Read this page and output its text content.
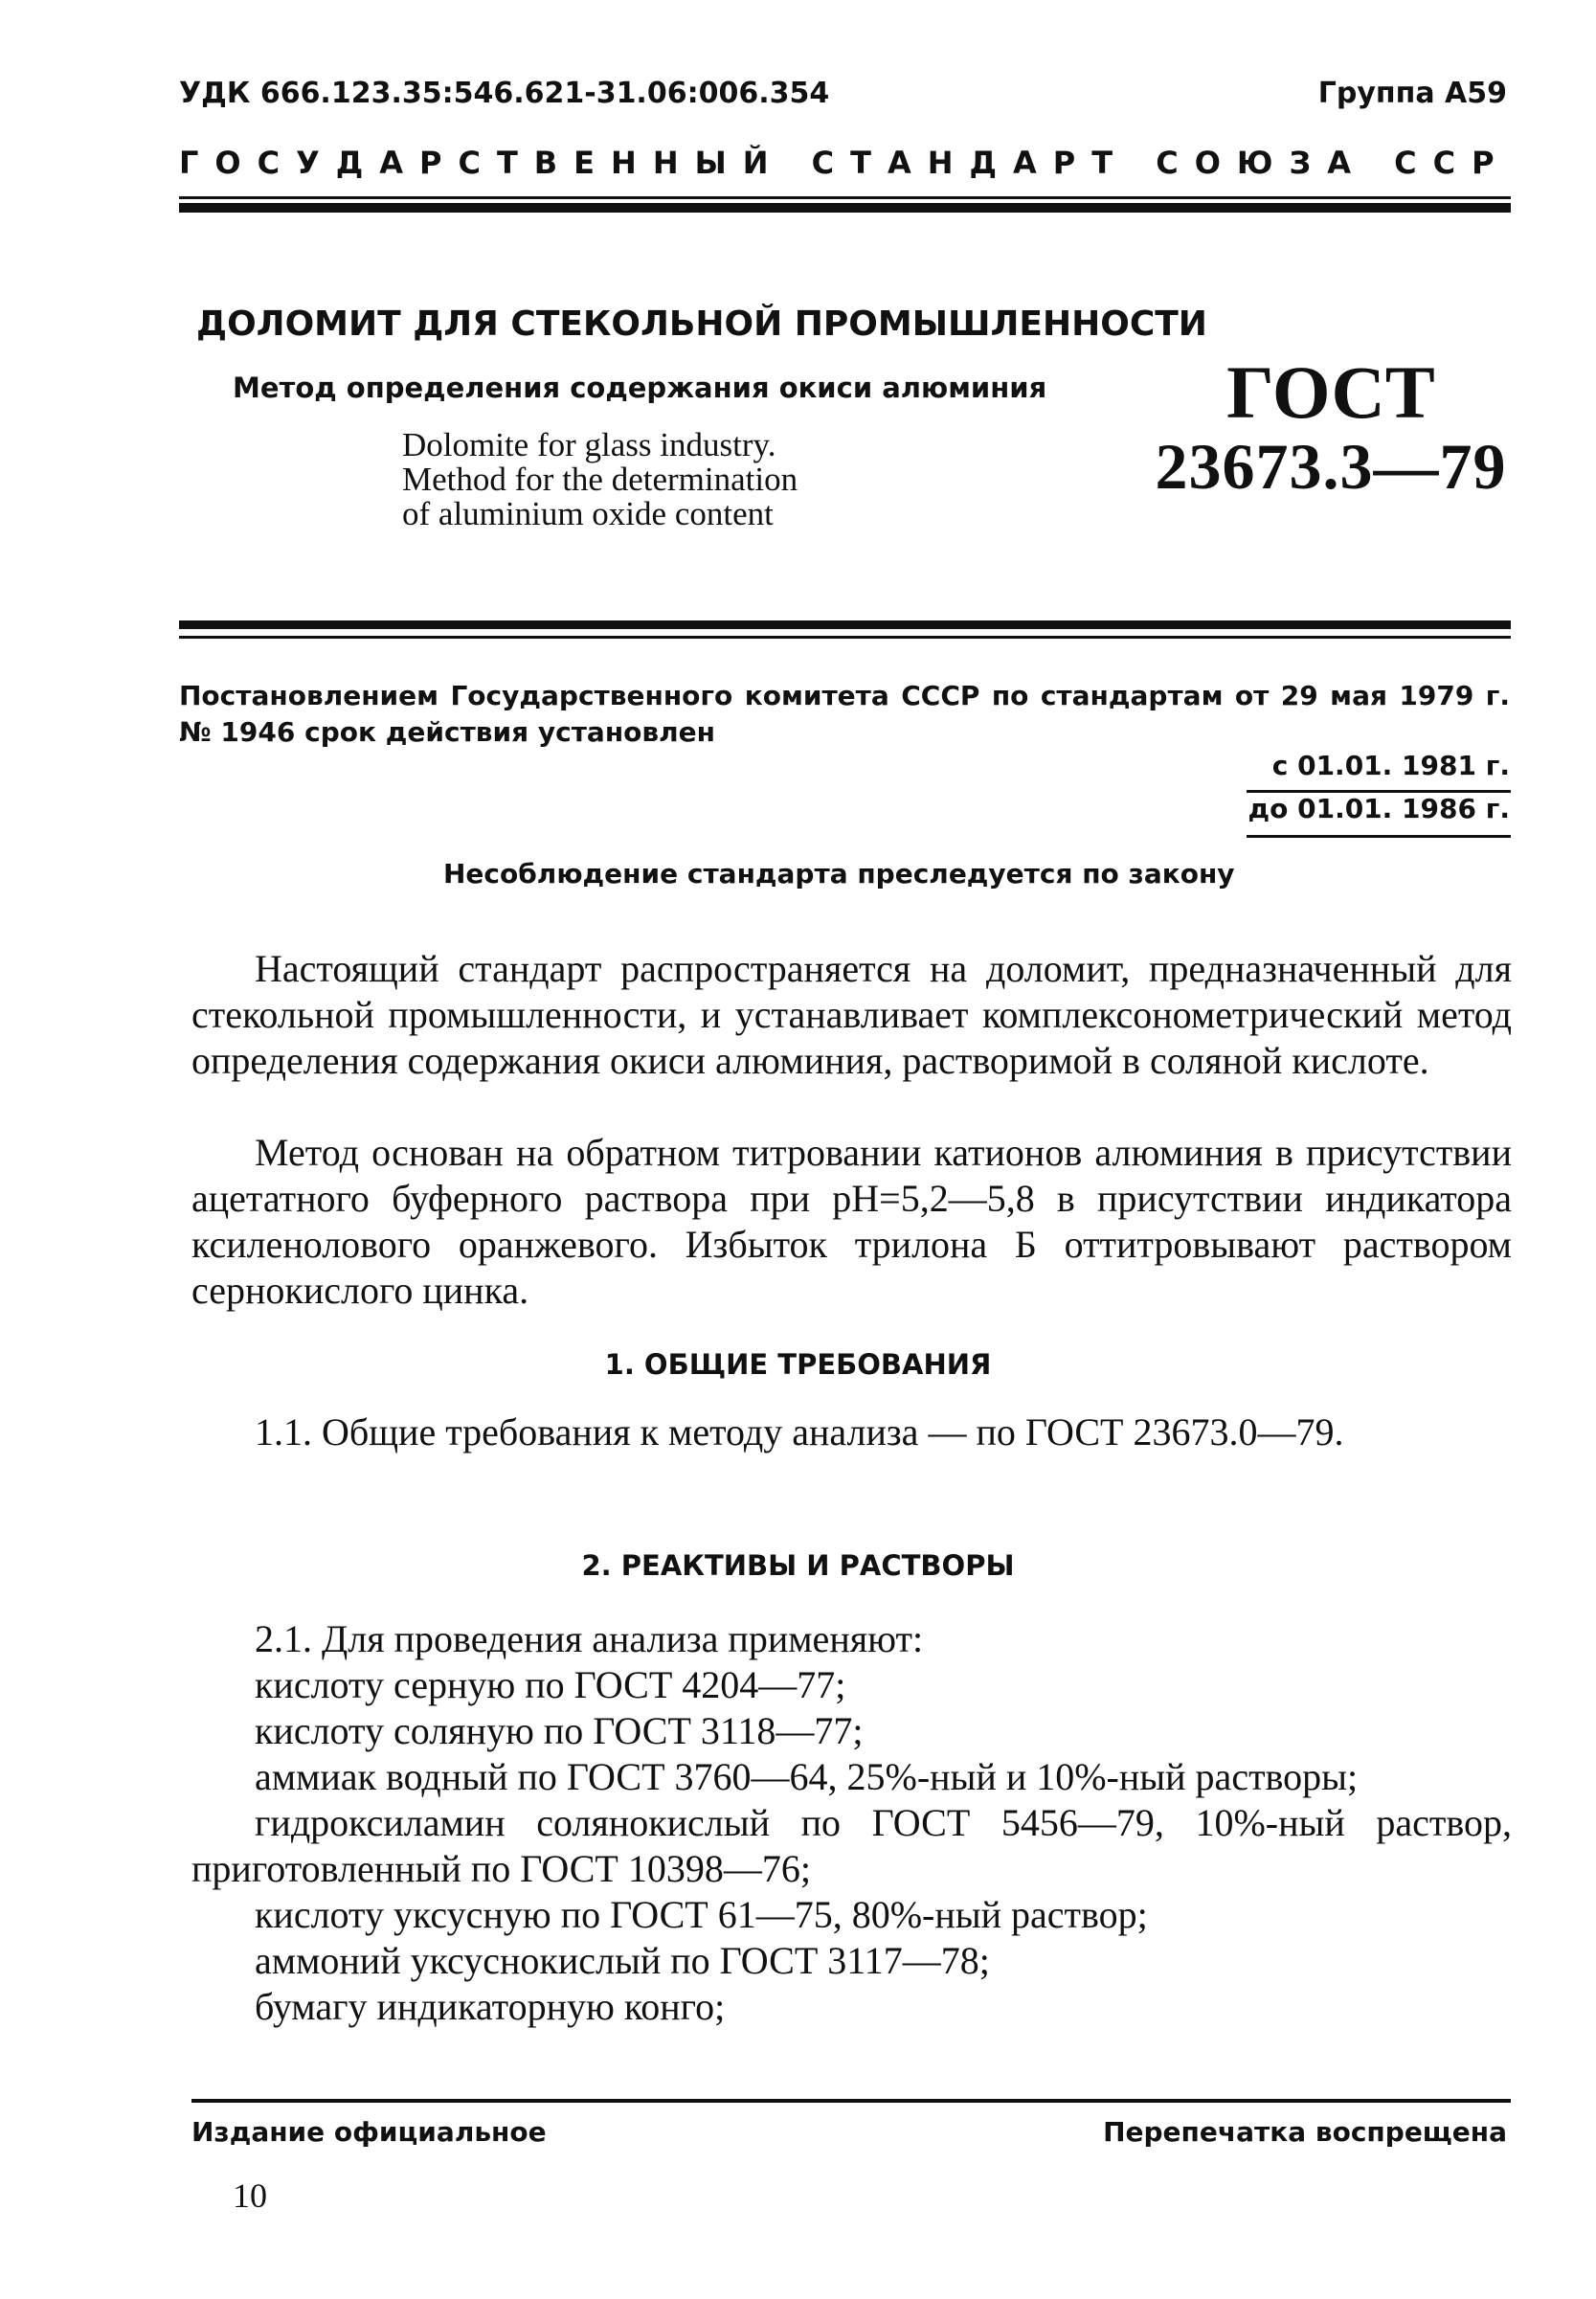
УДК 666.123.35:546.621-31.06:006.354	Группа А59
ГОСУДАРСТВЕННЫЙ СТАНДАРТ СОЮЗА ССР
ДОЛОМИТ ДЛЯ СТЕКОЛЬНОЙ ПРОМЫШЛЕННОСТИ
Метод определения содержания окиси алюминия
Dolomite for glass industry.
Method for the determination
of aluminium oxide content
ГОСТ
23673.3—79
Постановлением Государственного комитета СССР по стандартам от 29 мая 1979 г. № 1946 срок действия установлен
с 01.01. 1981 г.
до 01.01. 1986 г.
Несоблюдение стандарта преследуется по закону
Настоящий стандарт распространяется на доломит, предназначенный для стекольной промышленности, и устанавливает комплексонометрический метод определения содержания окиси алюминия, растворимой в соляной кислоте.
Метод основан на обратном титровании катионов алюминия в присутствии ацетатного буферного раствора при pH=5,2—5,8 в присутствии индикатора ксиленолового оранжевого. Избыток трилона Б оттитровывают раствором сернокислого цинка.
1. ОБЩИЕ ТРЕБОВАНИЯ
1.1. Общие требования к методу анализа — по ГОСТ 23673.0—79.
2. РЕАКТИВЫ И РАСТВОРЫ
2.1. Для проведения анализа применяют:
кислоту серную по ГОСТ 4204—77;
кислоту соляную по ГОСТ 3118—77;
аммиак водный по ГОСТ 3760—64, 25%-ный и 10%-ный растворы;
гидроксиламин солянокислый по ГОСТ 5456—79, 10%-ный раствор, приготовленный по ГОСТ 10398—76;
кислоту уксусную по ГОСТ 61—75, 80%-ный раствор;
аммоний уксуснокислый по ГОСТ 3117—78;
бумагу индикаторную конго;
Издание официальное	Перепечатка воспрещена
10
